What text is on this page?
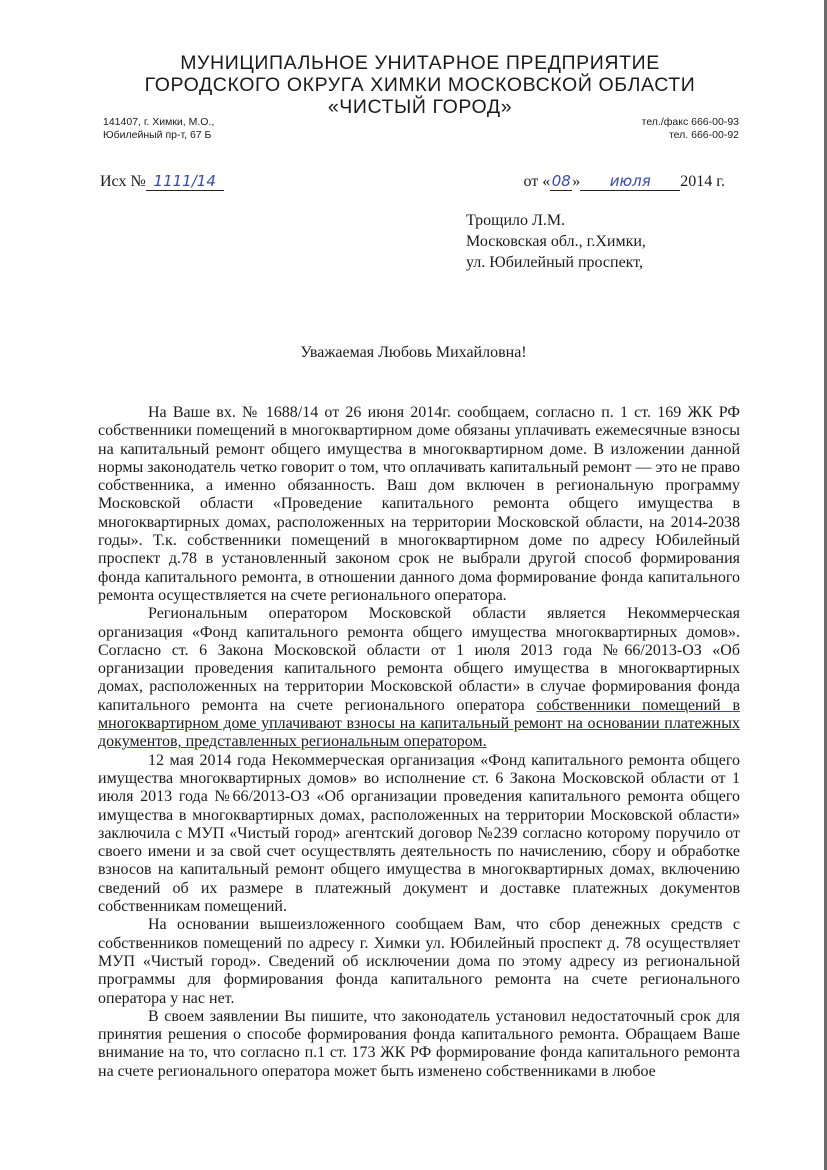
МУНИЦИПАЛЬНОЕ УНИТАРНОЕ ПРЕДПРИЯТИЕ
ГОРОДСКОГО ОКРУГА ХИМКИ МОСКОВСКОЙ ОБЛАСТИ
«ЧИСТЫЙ ГОРОД»
141407, г. Химки, М.О.,
Юбилейный пр-т, 67 Б
тел./факс 666-00-93
тел. 666-00-92
Исх № 1111/14	от «08» июля 2014 г.
Трощило Л.М.
Московская обл., г.Химки,
ул. Юбилейный проспект,
Уважаемая Любовь Михайловна!

На Ваше вх. № 1688/14 от 26 июня 2014г. сообщаем, согласно п. 1 ст. 169 ЖК РФ собственники помещений в многоквартирном доме обязаны уплачивать ежемесячные взносы на капитальный ремонт общего имущества в многоквартирном доме. В изложении данной нормы законодатель четко говорит о том, что оплачивать капитальный ремонт — это не право собственника, а именно обязанность. Ваш дом включен в региональную программу Московской области «Проведение капитального ремонта общего имущества в многоквартирных домах, расположенных на территории Московской области, на 2014-2038 годы». Т.к. собственники помещений в многоквартирном доме по адресу Юбилейный проспект д.78 в установленный законом срок не выбрали другой способ формирования фонда капитального ремонта, в отношении данного дома формирование фонда капитального ремонта осуществляется на счете регионального оператора.

Региональным оператором Московской области является Некоммерческая организация «Фонд капитального ремонта общего имущества многоквартирных домов». Согласно ст. 6 Закона Московской области от 1 июля 2013 года №66/2013-ОЗ «Об организации проведения капитального ремонта общего имущества в многоквартирных домах, расположенных на территории Московской области» в случае формирования фонда капитального ремонта на счете регионального оператора собственники помещений в многоквартирном доме уплачивают взносы на капитальный ремонт на основании платежных документов, представленных региональным оператором.

12 мая 2014 года Некоммерческая организация «Фонд капитального ремонта общего имущества многоквартирных домов» во исполнение ст. 6 Закона Московской области от 1 июля 2013 года №66/2013-ОЗ «Об организации проведения капитального ремонта общего имущества в многоквартирных домах, расположенных на территории Московской области» заключила с МУП «Чистый город» агентский договор №239 согласно которому поручило от своего имени и за свой счет осуществлять деятельность по начислению, сбору и обработке взносов на капитальный ремонт общего имущества в многоквартирных домах, включению сведений об их размере в платежный документ и доставке платежных документов собственникам помещений.

На основании вышеизложенного сообщаем Вам, что сбор денежных средств с собственников помещений по адресу г. Химки ул. Юбилейный проспект д. 78 осуществляет МУП «Чистый город». Сведений об исключении дома по этому адресу из региональной программы для формирования фонда капитального ремонта на счете регионального оператора у нас нет.

В своем заявлении Вы пишите, что законодатель установил недостаточный срок для принятия решения о способе формирования фонда капитального ремонта. Обращаем Ваше внимание на то, что согласно п.1 ст. 173 ЖК РФ формирование фонда капитального ремонта на счете регионального оператора может быть изменено собственниками в любое
